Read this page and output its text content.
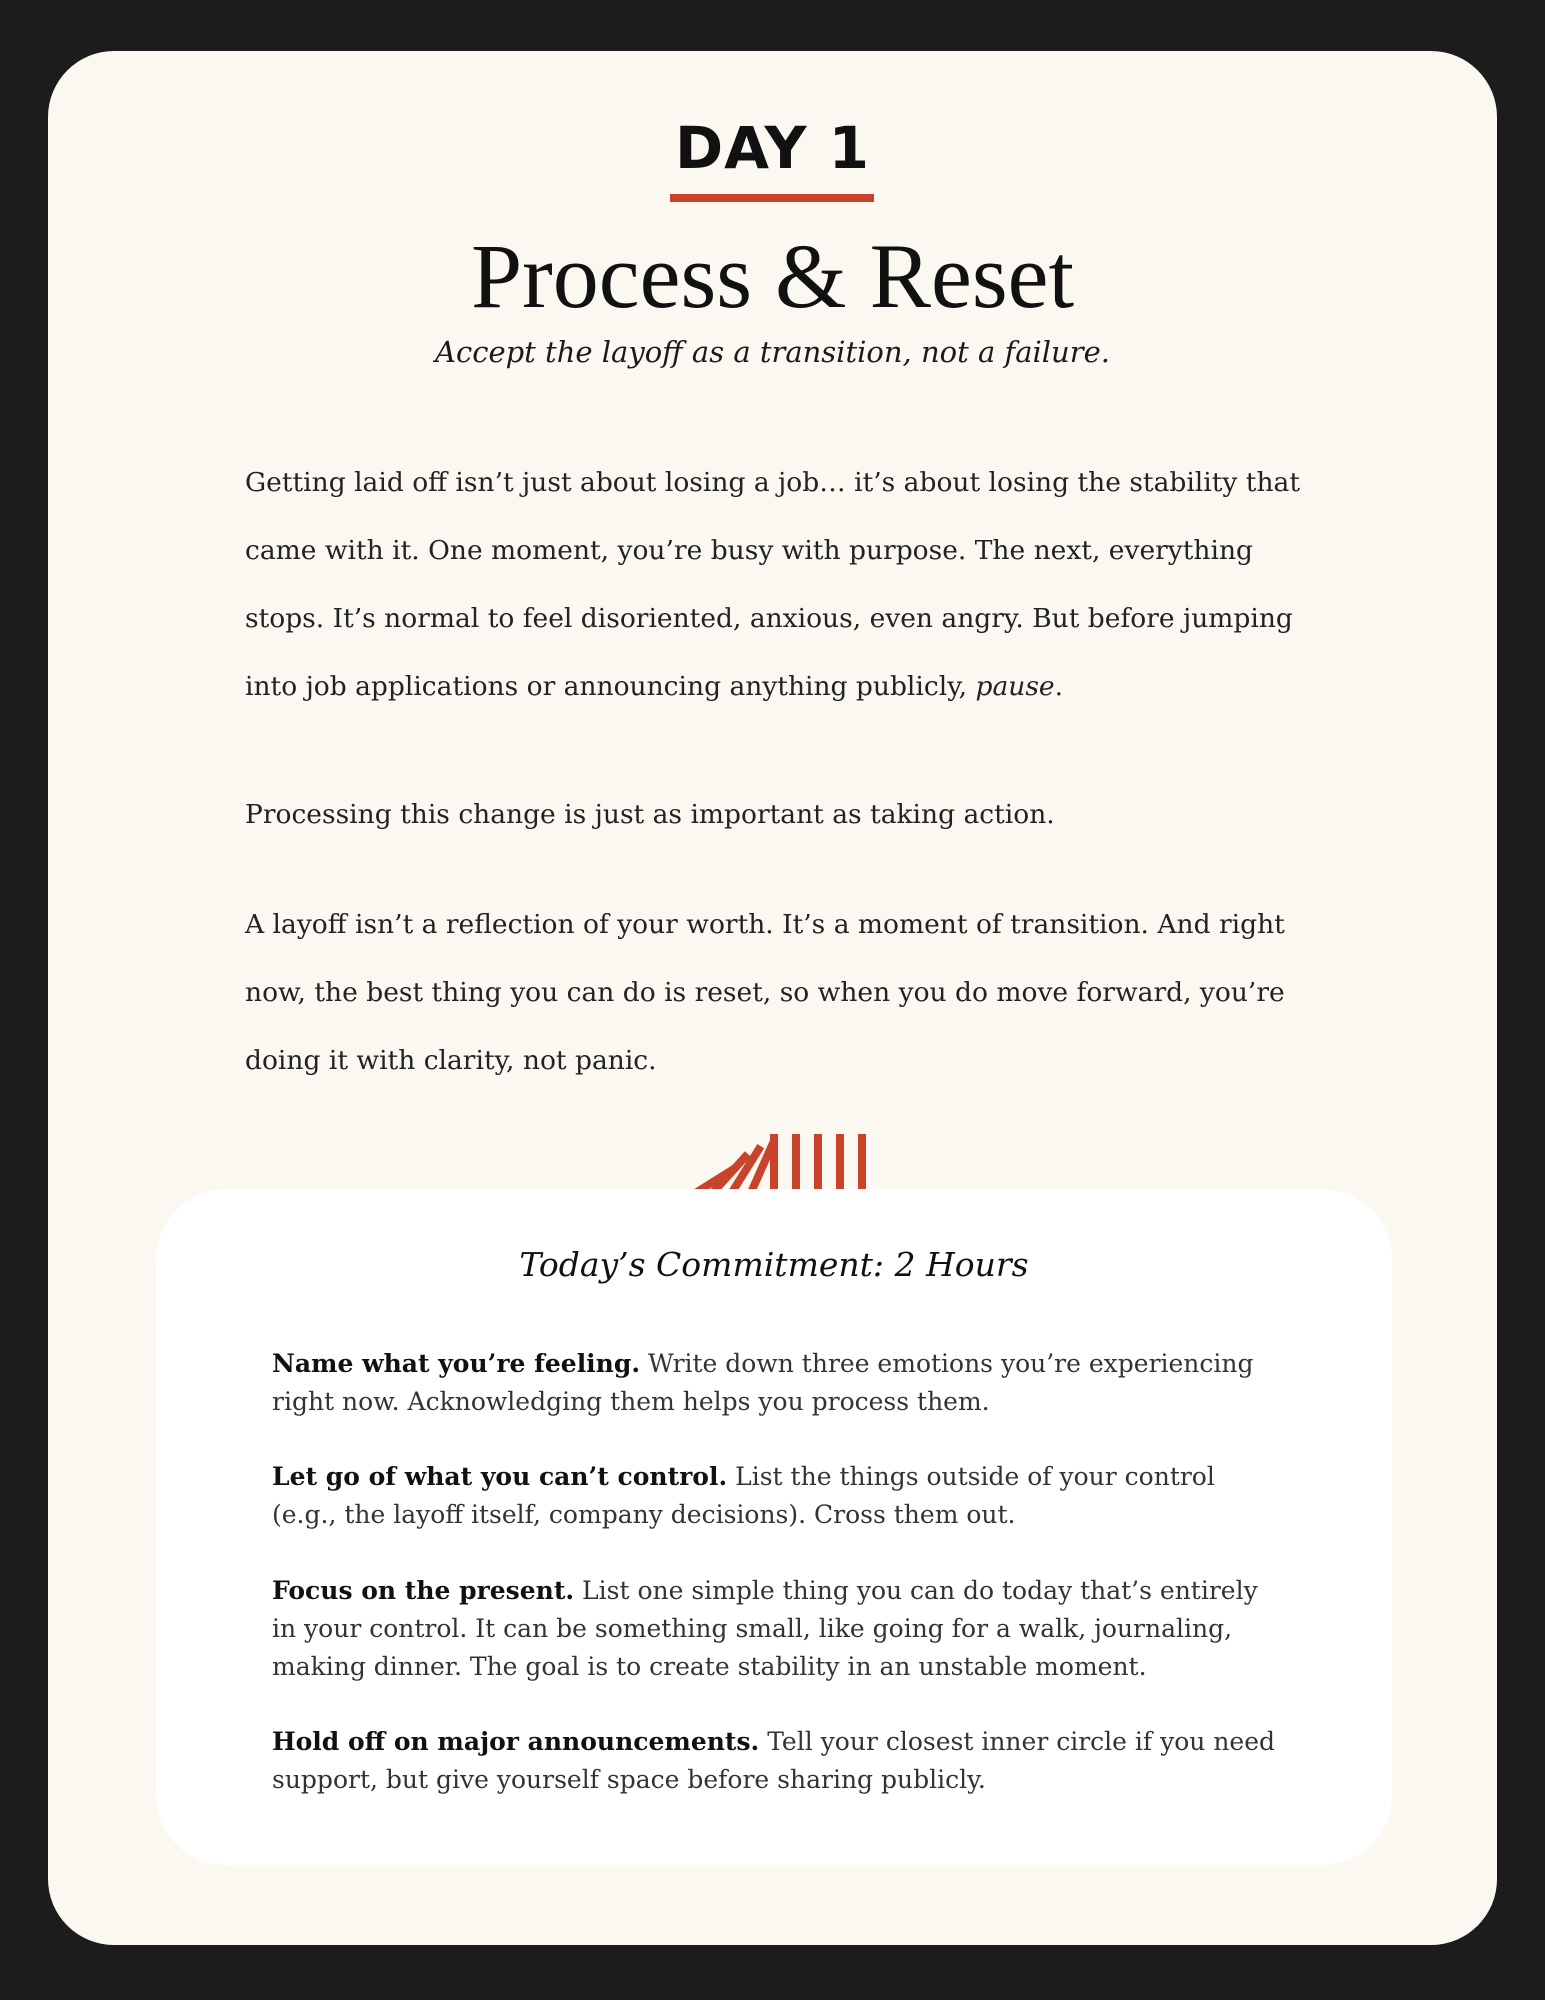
DAY 1
Process & Reset
Accept the layoff as a transition, not a failure.

Getting laid off isn’t just about losing a job… it’s about losing the stability that came with it. One moment, you’re busy with purpose. The next, everything stops. It’s normal to feel disoriented, anxious, even angry. But before jumping into job applications or announcing anything publicly, pause.

Processing this change is just as important as taking action.

A layoff isn’t a reflection of your worth. It’s a moment of transition. And right now, the best thing you can do is reset, so when you do move forward, you’re doing it with clarity, not panic.

Today’s Commitment: 2 Hours

Name what you’re feeling. Write down three emotions you’re experiencing right now. Acknowledging them helps you process them.

Let go of what you can’t control. List the things outside of your control (e.g., the layoff itself, company decisions). Cross them out.

Focus on the present. List one simple thing you can do today that’s entirely in your control. It can be something small, like going for a walk, journaling, making dinner. The goal is to create stability in an unstable moment.

Hold off on major announcements. Tell your closest inner circle if you need support, but give yourself space before sharing publicly.
